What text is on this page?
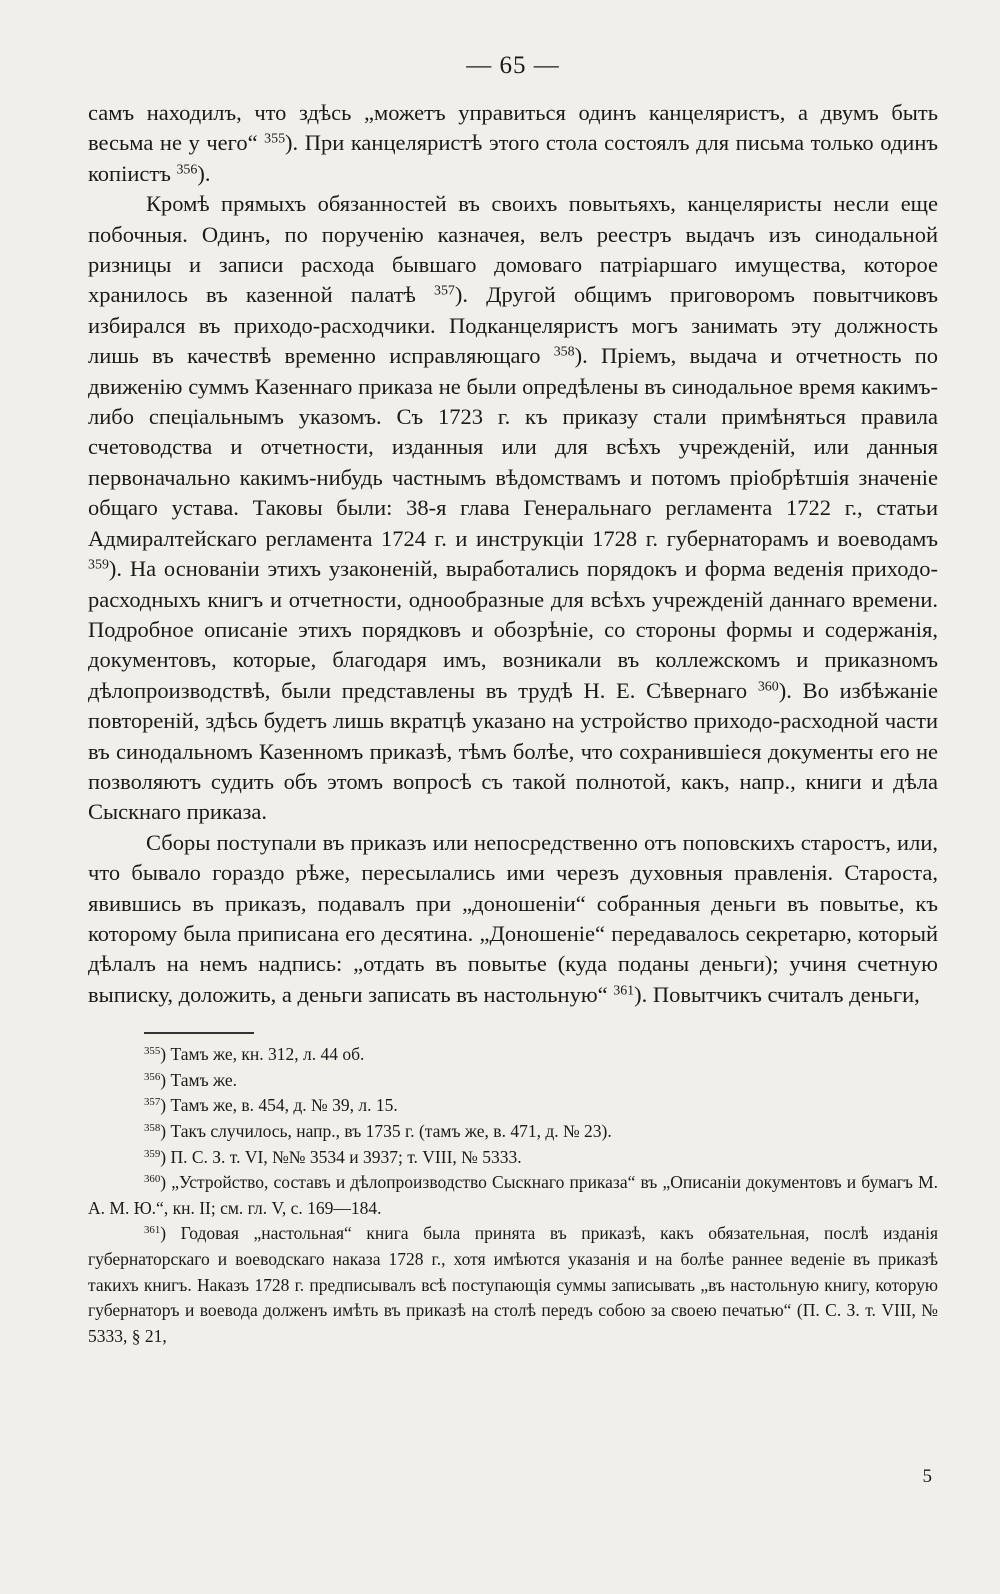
— 65 —

самъ находилъ, что здѣсь „можетъ управиться одинъ канцеляристъ, а двумъ быть весьма не у чего“ $^{355}$). При канцеляристѣ этого стола состоялъ для письма только одинъ копіистъ $^{356}$).

Кромѣ прямыхъ обязанностей въ своихъ повытьяхъ, канцеляристы несли еще побочныя. Одинъ, по порученію казначея, велъ реестръ выдачъ изъ синодальной ризницы и записи расхода бывшаго домоваго патріаршаго имущества, которое хранилось въ казенной палатѣ $^{357}$). Другой общимъ приговоромъ повытчиковъ избирался въ приходо-расходчики. Подканцеляристъ могъ занимать эту должность лишь въ качествѣ временно исправляющаго $^{358}$). Пріемъ, выдача и отчетность по движенію суммъ Казеннаго приказа не были опредѣлены въ синодальное время какимъ-либо спеціальнымъ указомъ. Съ 1723 г. къ приказу стали примѣняться правила счетоводства и отчетности, изданныя или для всѣхъ учрежденій, или данныя первоначально какимъ-нибудь частнымъ вѣдомствамъ и потомъ пріобрѣтшія значеніе общаго устава. Таковы были: 38-я глава Генеральнаго регламента 1722 г., статьи Адмиралтейскаго регламента 1724 г. и инструкціи 1728 г. губернаторамъ и воеводамъ $^{359}$). На основаніи этихъ узаконеній, выработались порядокъ и форма веденія приходо-расходныхъ книгъ и отчетности, однообразные для всѣхъ учрежденій даннаго времени. Подробное описаніе этихъ порядковъ и обозрѣніе, со стороны формы и содержанія, документовъ, которые, благодаря имъ, возникали въ коллежскомъ и приказномъ дѣлопроизводствѣ, были представлены въ трудѣ Н. Е. Сѣвернаго $^{360}$). Во избѣжаніе повтореній, здѣсь будетъ лишь вкратцѣ указано на устройство приходо-расходной части въ синодальномъ Казенномъ приказѣ, тѣмъ болѣе, что сохранившіеся документы его не позволяютъ судить объ этомъ вопросѣ съ такой полнотой, какъ, напр., книги и дѣла Сыскнаго приказа.

Сборы поступали въ приказъ или непосредственно отъ поповскихъ старостъ, или, что бывало гораздо рѣже, пересылались ими черезъ духовныя правленія. Староста, явившись въ приказъ, подавалъ при „доношеніи“ собранныя деньги въ повытье, къ которому была приписана его десятина. „Доношеніе“ передавалось секретарю, который дѣлалъ на немъ надпись: „отдать въ повытье (куда поданы деньги); учиня счетную выписку, доложить, а деньги записать въ настольную“ $^{361}$). Повытчикъ считалъ деньги,

$^{355}$) Тамъ же, кн. 312, л. 44 об.

$^{356}$) Тамъ же.

$^{357}$) Тамъ же, в. 454, д. № 39, л. 15.

$^{358}$) Такъ случилось, напр., въ 1735 г. (тамъ же, в. 471, д. № 23).

$^{359}$) П. С. З. т. VI, №№ 3534 и 3937; т. VIII, № 5333.

$^{360}$) „Устройство, составъ и дѣлопроизводство Сыскнаго приказа“ въ „Описаніи документовъ и бумагъ М. А. М. Ю.“, кн. II; см. гл. V, с. 169—184.

$^{361}$) Годовая „настольная“ книга была принята въ приказѣ, какъ обязательная, послѣ изданія губернаторскаго и воеводскаго наказа 1728 г., хотя имѣются указанія и на болѣе раннее веденіе въ приказѣ такихъ книгъ. Наказъ 1728 г. предписывалъ всѣ поступающія суммы записывать „въ настольную книгу, которую губернаторъ и воевода долженъ имѣть въ приказѣ на столѣ передъ собою за своею печатью“ (П. С. З. т. VIII, № 5333, § 21,

5
